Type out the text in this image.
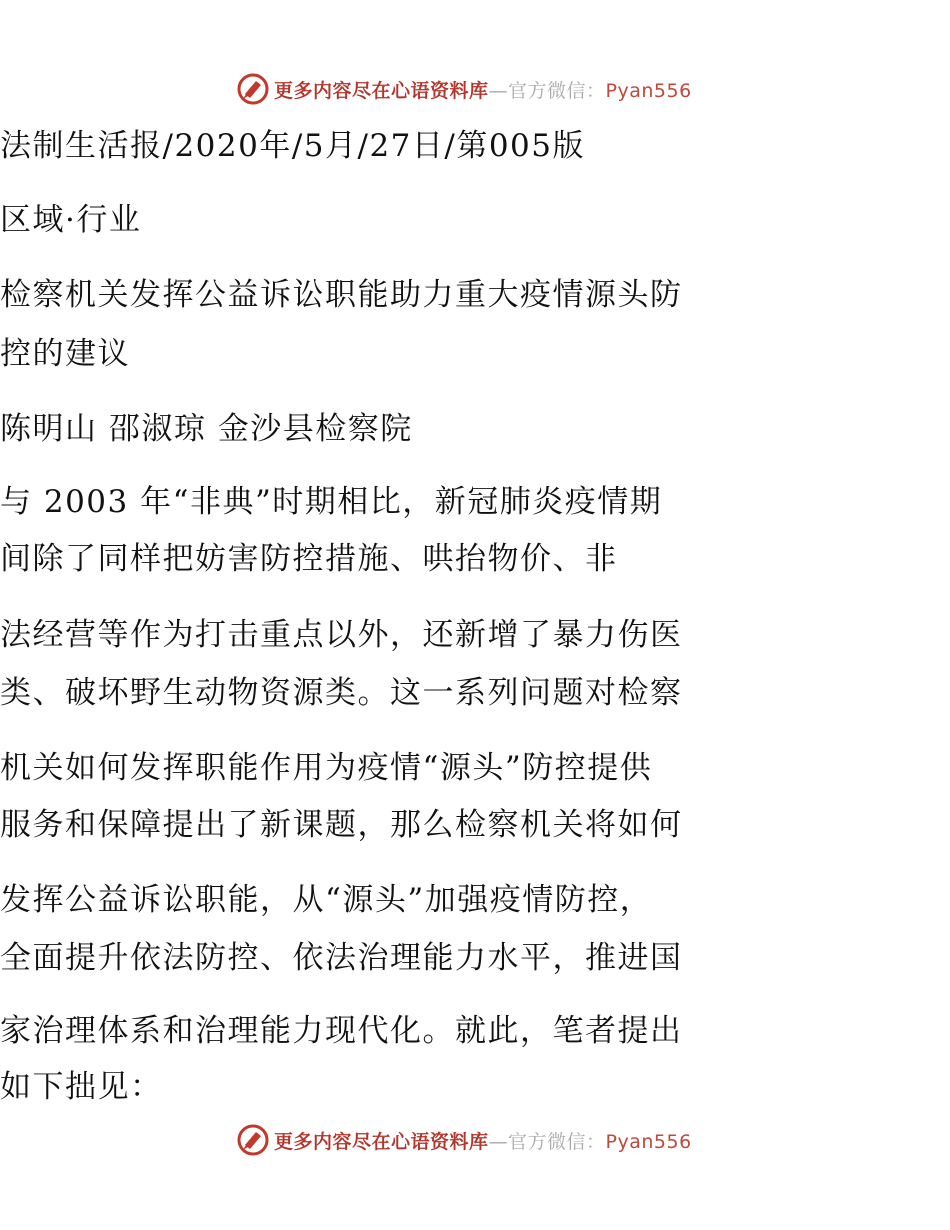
更多内容尽在心语资料库—官方微信：Pyan556
法制生活报/2020年/5月/27日/第005版
区域·行业
检察机关发挥公益诉讼职能助力重大疫情源头防
控的建议
陈明山 邵淑琼 金沙县检察院
与 2003 年“非典”时期相比，新冠肺炎疫情期
间除了同样把妨害防控措施、哄抬物价、非
法经营等作为打击重点以外，还新增了暴力伤医
类、破坏野生动物资源类。这一系列问题对检察
机关如何发挥职能作用为疫情“源头”防控提供
服务和保障提出了新课题，那么检察机关将如何
发挥公益诉讼职能，从“源头”加强疫情防控，
全面提升依法防控、依法治理能力水平，推进国
家治理体系和治理能力现代化。就此，笔者提出
如下拙见：
更多内容尽在心语资料库—官方微信：Pyan556
